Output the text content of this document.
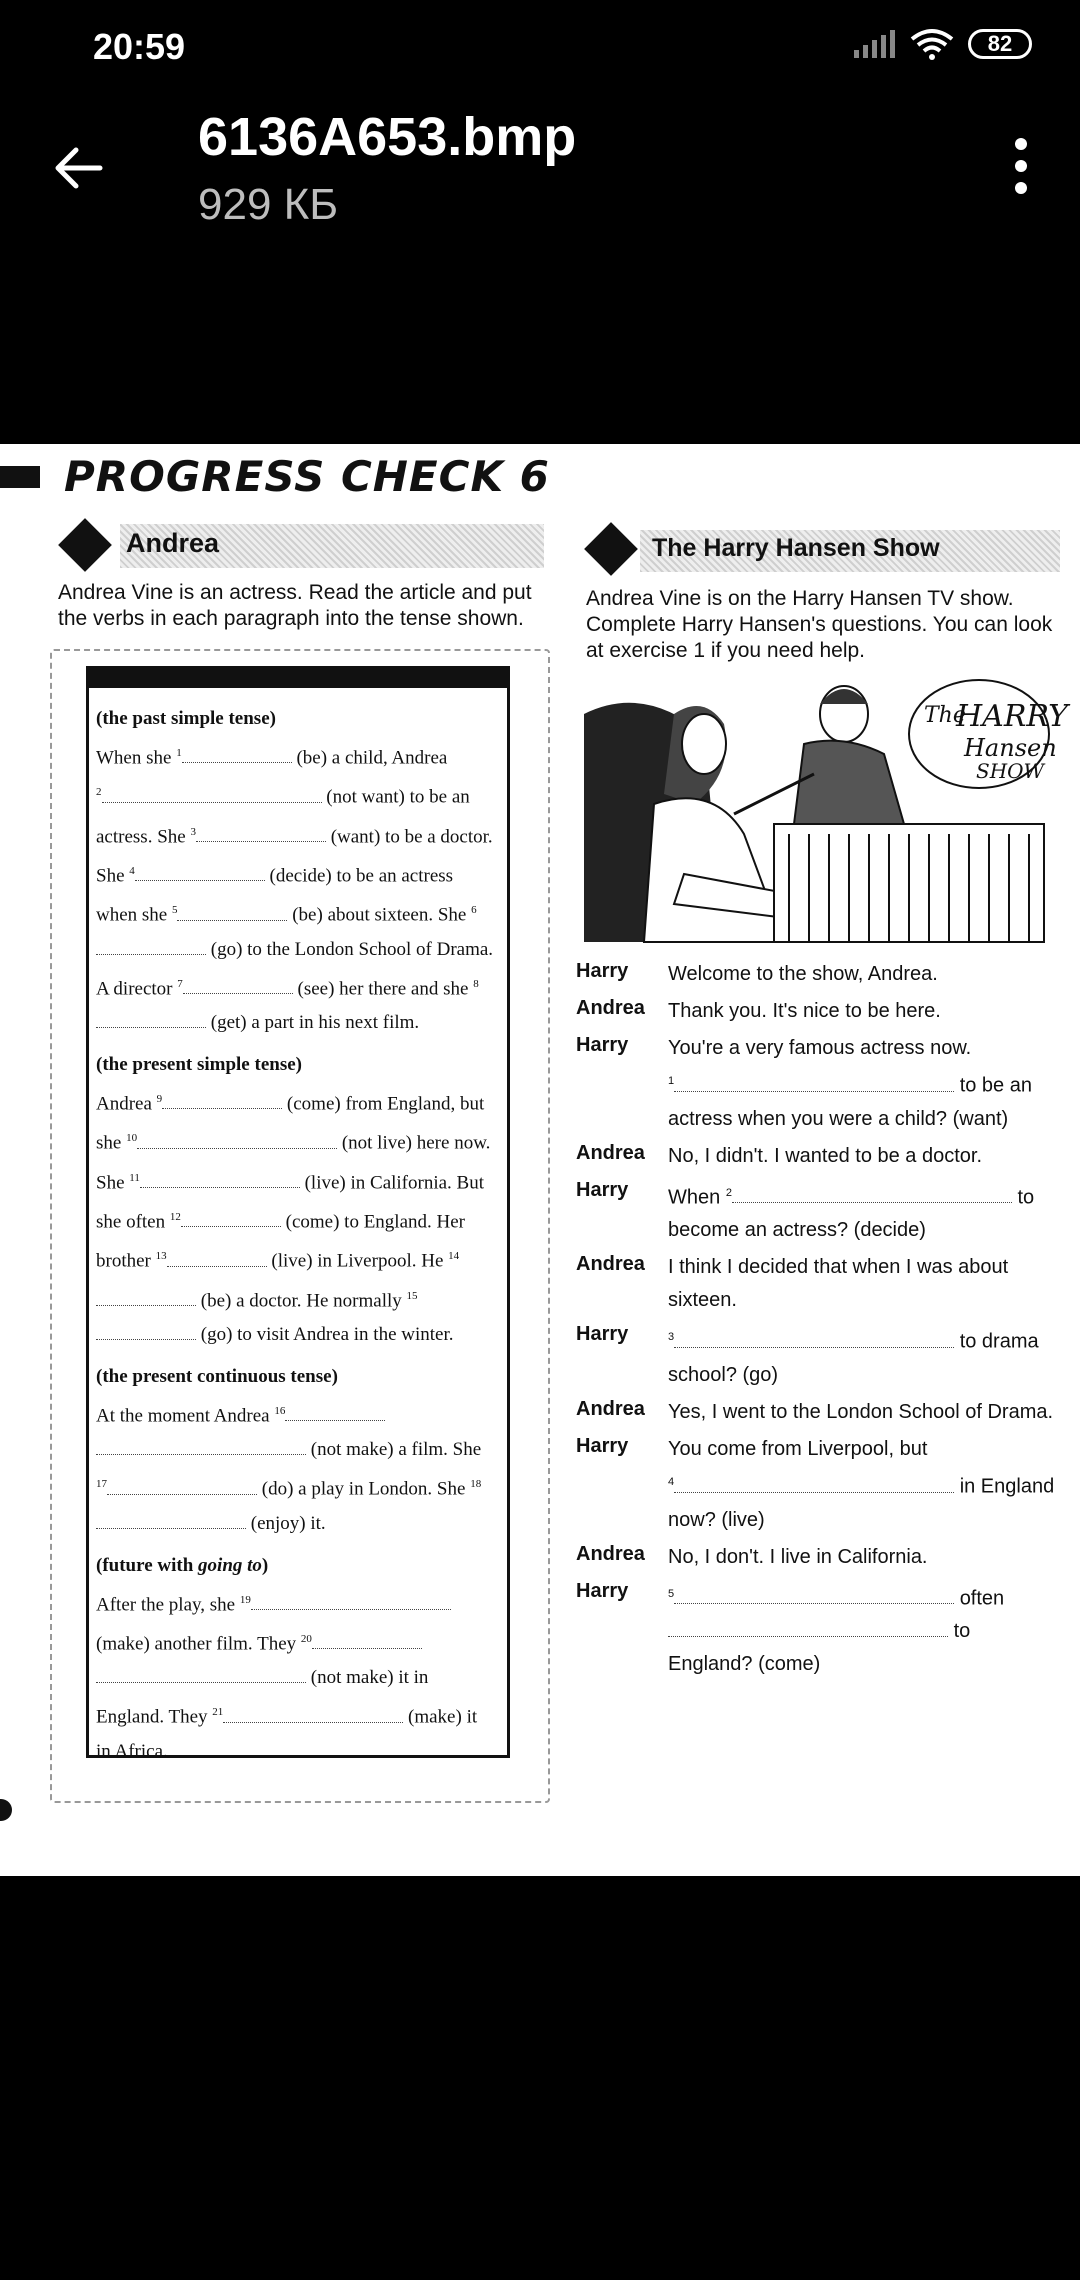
20:59	82
6136A653.bmp
929 КБ
PROGRESS CHECK 6
Andrea
Andrea Vine is an actress. Read the article and put the verbs in each paragraph into the tense shown.
(the past simple tense)

When she $^1$	(be) a child, Andrea
$^2$	(not want) to be an actress. She $^3$	(want) to be a doctor. She $^4$	(decide) to be an actress when she $^5$	(be) about sixteen. She $^6$ (go) to the London School of Drama. A director $^7$	(see) her there and she $^8$ (get) a part in his next film.

(the present simple tense)

Andrea $^9$	(come) from England, but she $^{10}$	(not live) here now. She $^{11}$	(live) in California. But she often $^{12}$	(come) to England. Her brother $^{13}$	(live) in Liverpool. He $^{14}$ (be) a doctor. He normally $^{15}$ (go) to visit Andrea in the winter.

(the present continuous tense)

At the moment Andrea $^{16}$
(not make) a film. She $^{17}$	(do) a play in London. She $^{18}$ (enjoy) it.

(future with going to)

After the play, she $^{19}$ (make) another film. They $^{20}$
(not make) it in England. They $^{21}$	(make) it in Africa.

The Harry Hansen Show
Andrea Vine is on the Harry Hansen TV show. Complete Harry Hansen's questions. You can look at exercise 1 if you need help.
The
HARRY
Hansen
SHOW
Harry	Welcome to the show, Andrea.
Andrea	Thank you. It's nice to be here.
Harry	You're a very famous actress now.
$^1$	to be an actress when you were a child? (want)
Andrea	No, I didn't. I wanted to be a doctor.
Harry	When $^2$	to become an actress? (decide)
Andrea	I think I decided that when I was about sixteen.
Harry	$^3$	to drama school? (go)
Andrea	Yes, I went to the London School of Drama.
Harry	You come from Liverpool, but
$^4$	in England now? (live)
Andrea	No, I don't. I live in California.
Harry	$^5$	often
to England? (come)
